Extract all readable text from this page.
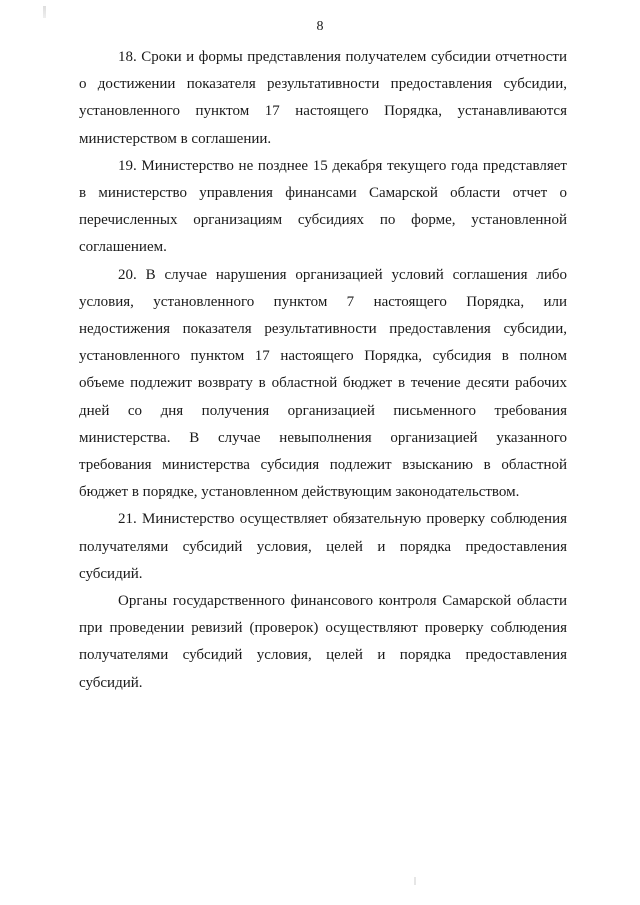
8

18. Сроки и формы представления получателем субсидии отчетности о достижении показателя результативности предоставления субсидии, установленного пунктом 17 настоящего Порядка, устанавливаются министерством в соглашении.

19. Министерство не позднее 15 декабря текущего года представляет в министерство управления финансами Самарской области отчет о перечисленных организациям субсидиях по форме, установленной соглашением.

20. В случае нарушения организацией условий соглашения либо условия, установленного пунктом 7 настоящего Порядка, или недостижения показателя результативности предоставления субсидии, установленного пунктом 17 настоящего Порядка, субсидия в полном объеме подлежит возврату в областной бюджет в течение десяти рабочих дней со дня получения организацией письменного требования министерства. В случае невыполнения организацией указанного требования министерства субсидия подлежит взысканию в областной бюджет в порядке, установленном действующим законодательством.

21. Министерство осуществляет обязательную проверку соблюдения получателями субсидий условия, целей и порядка предоставления субсидий.

Органы государственного финансового контроля Самарской области при проведении ревизий (проверок) осуществляют проверку соблюдения получателями субсидий условия, целей и порядка предоставления субсидий.
